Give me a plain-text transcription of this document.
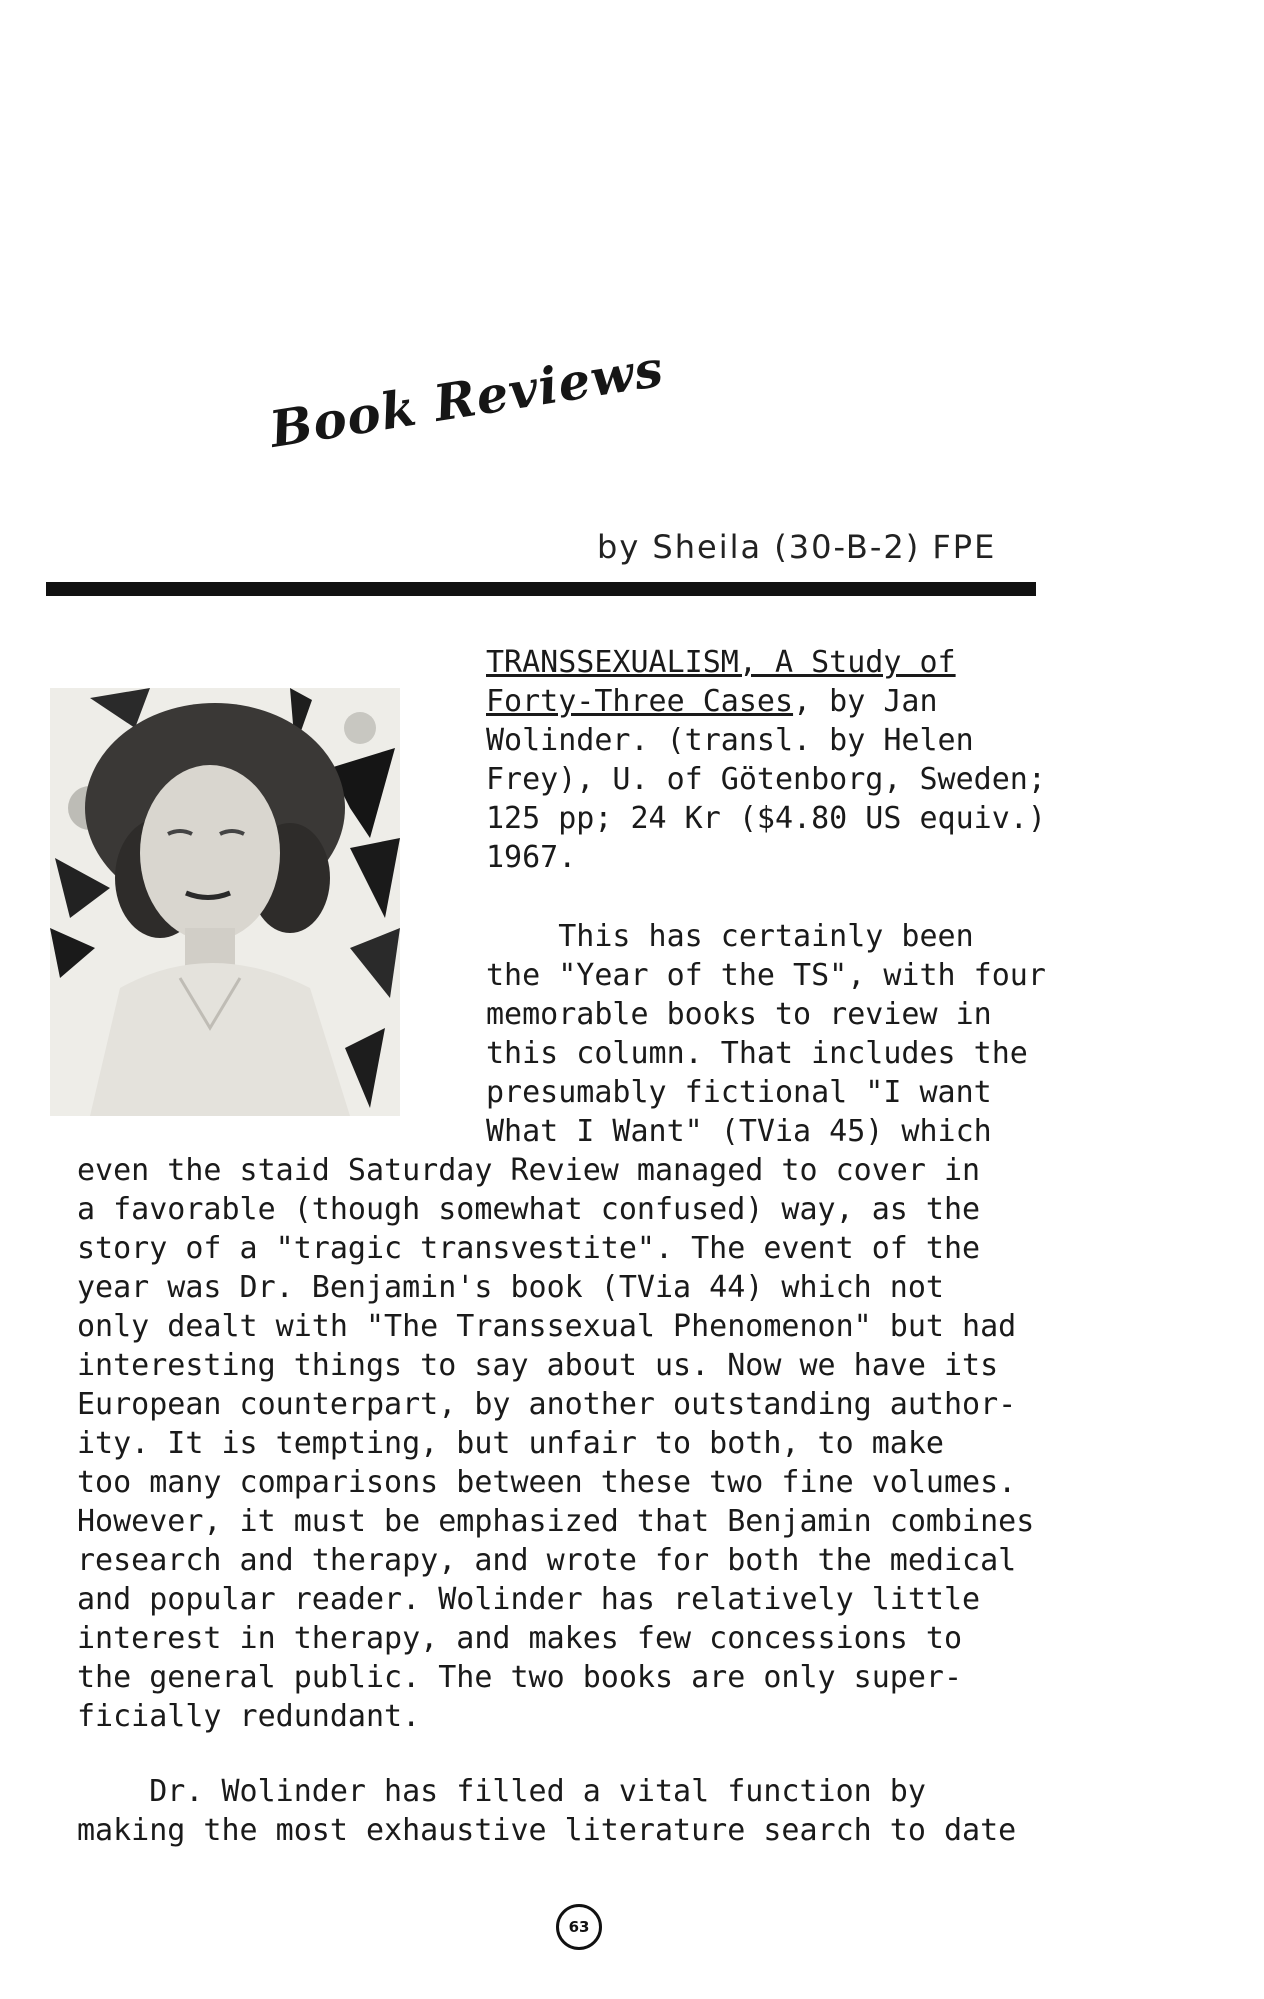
Book Reviews
by Sheila (30-B-2) FPE
TRANSSEXUALISM, A Study of
Forty-Three Cases, by Jan
Wolinder. (transl. by Helen
Frey), U. of Götenborg, Sweden;
125 pp; 24 Kr ($4.80 US equiv.)
1967.
This has certainly been
the "Year of the TS", with four
memorable books to review in
this column. That includes the
presumably fictional "I want
What I Want" (TVia 45) which
even the staid Saturday Review managed to cover in
a favorable (though somewhat confused) way, as the
story of a "tragic transvestite". The event of the
year was Dr. Benjamin's book (TVia 44) which not
only dealt with "The Transsexual Phenomenon" but had
interesting things to say about us. Now we have its
European counterpart, by another outstanding author-
ity. It is tempting, but unfair to both, to make
too many comparisons between these two fine volumes.
However, it must be emphasized that Benjamin combines
research and therapy, and wrote for both the medical
and popular reader. Wolinder has relatively little
interest in therapy, and makes few concessions to
the general public. The two books are only super-
ficially redundant.
Dr. Wolinder has filled a vital function by
making the most exhaustive literature search to date
63
